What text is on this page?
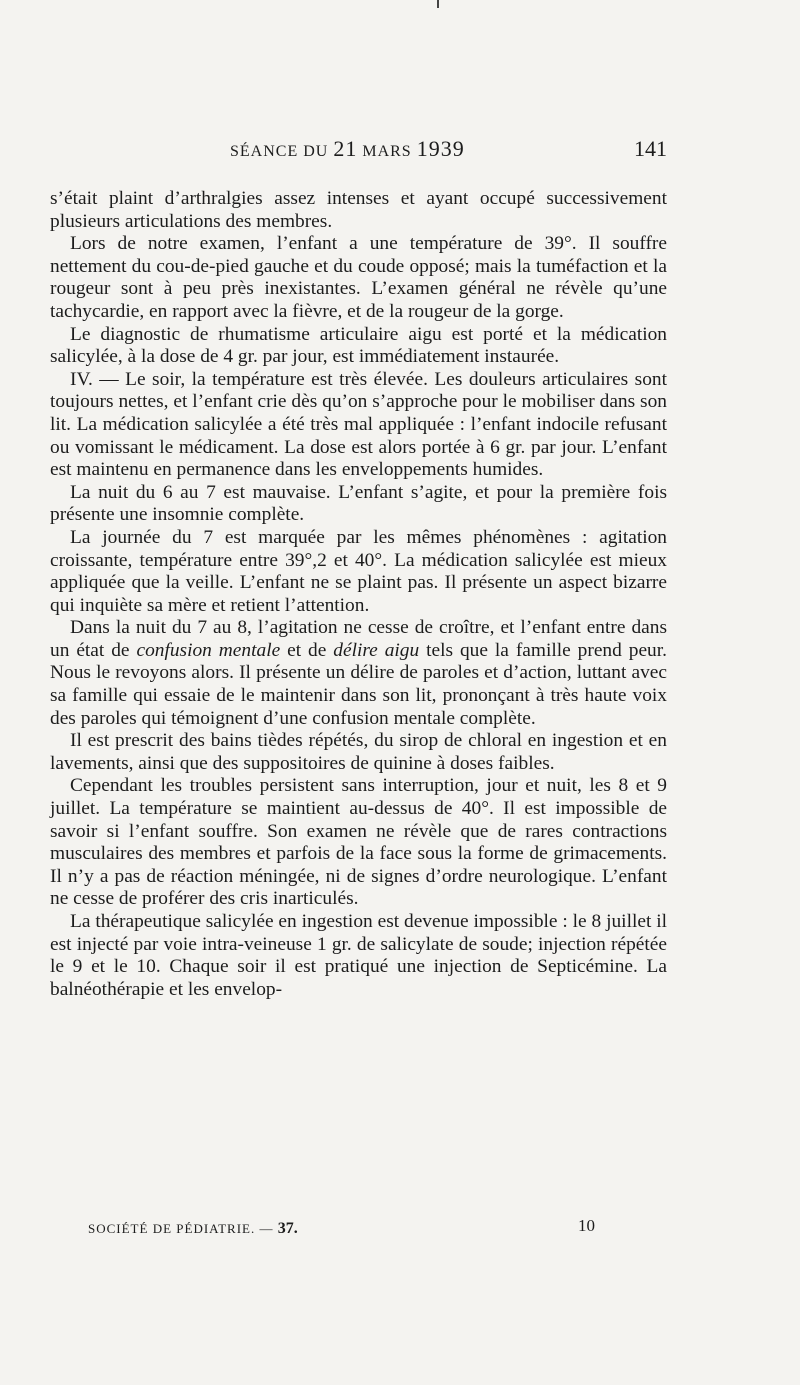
SÉANCE DU 21 MARS 1939	141

s’était plaint d’arthralgies assez intenses et ayant occupé successivement plusieurs articulations des membres.

Lors de notre examen, l’enfant a une température de 39°. Il souffre nettement du cou-de-pied gauche et du coude opposé; mais la tuméfaction et la rougeur sont à peu près inexistantes. L’examen général ne révèle qu’une tachycardie, en rapport avec la fièvre, et de la rougeur de la gorge.

Le diagnostic de rhumatisme articulaire aigu est porté et la médication salicylée, à la dose de 4 gr. par jour, est immédiatement instaurée.

IV. — Le soir, la température est très élevée. Les douleurs articulaires sont toujours nettes, et l’enfant crie dès qu’on s’approche pour le mobiliser dans son lit. La médication salicylée a été très mal appliquée : l’enfant indocile refusant ou vomissant le médicament. La dose est alors portée à 6 gr. par jour. L’enfant est maintenu en permanence dans les enveloppements humides.

La nuit du 6 au 7 est mauvaise. L’enfant s’agite, et pour la première fois présente une insomnie complète.

La journée du 7 est marquée par les mêmes phénomènes : agitation croissante, température entre 39°,2 et 40°. La médication salicylée est mieux appliquée que la veille. L’enfant ne se plaint pas. Il présente un aspect bizarre qui inquiète sa mère et retient l’attention.

Dans la nuit du 7 au 8, l’agitation ne cesse de croître, et l’enfant entre dans un état de confusion mentale et de délire aigu tels que la famille prend peur. Nous le revoyons alors. Il présente un délire de paroles et d’action, luttant avec sa famille qui essaie de le maintenir dans son lit, prononçant à très haute voix des paroles qui témoignent d’une confusion mentale complète.

Il est prescrit des bains tièdes répétés, du sirop de chloral en ingestion et en lavements, ainsi que des suppositoires de quinine à doses faibles.

Cependant les troubles persistent sans interruption, jour et nuit, les 8 et 9 juillet. La température se maintient au-dessus de 40°. Il est impossible de savoir si l’enfant souffre. Son examen ne révèle que de rares contractions musculaires des membres et parfois de la face sous la forme de grimacements. Il n’y a pas de réaction méningée, ni de signes d’ordre neurologique. L’enfant ne cesse de proférer des cris inarticulés.

La thérapeutique salicylée en ingestion est devenue impossible : le 8 juillet il est injecté par voie intra-veineuse 1 gr. de salicylate de soude; injection répétée le 9 et le 10. Chaque soir il est pratiqué une injection de Septicémine. La balnéothérapie et les envelop-

SOCIÉTÉ DE PÉDIATRIE. — 37.	10
